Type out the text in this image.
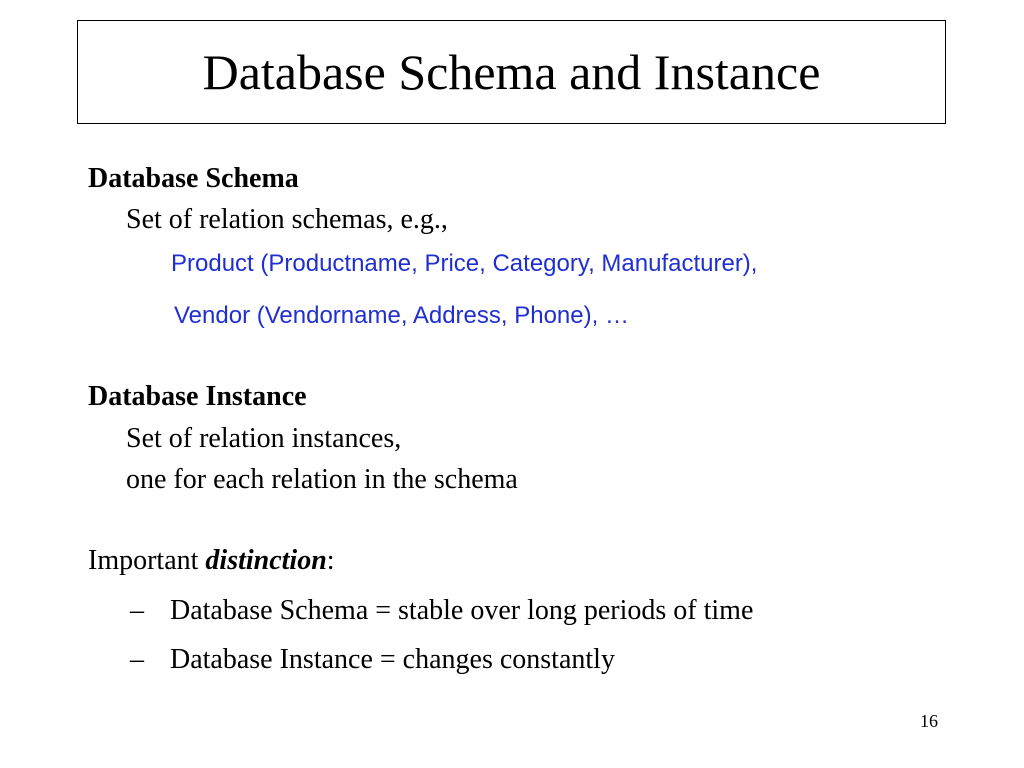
Database Schema and Instance
Database Schema
Set of relation schemas, e.g.,
Product (Productname, Price, Category, Manufacturer),
Vendor (Vendorname, Address, Phone), …
Database Instance
Set of relation instances,
one for each relation in the schema
Important distinction:
– Database Schema = stable over long periods of time
– Database Instance = changes constantly
16
